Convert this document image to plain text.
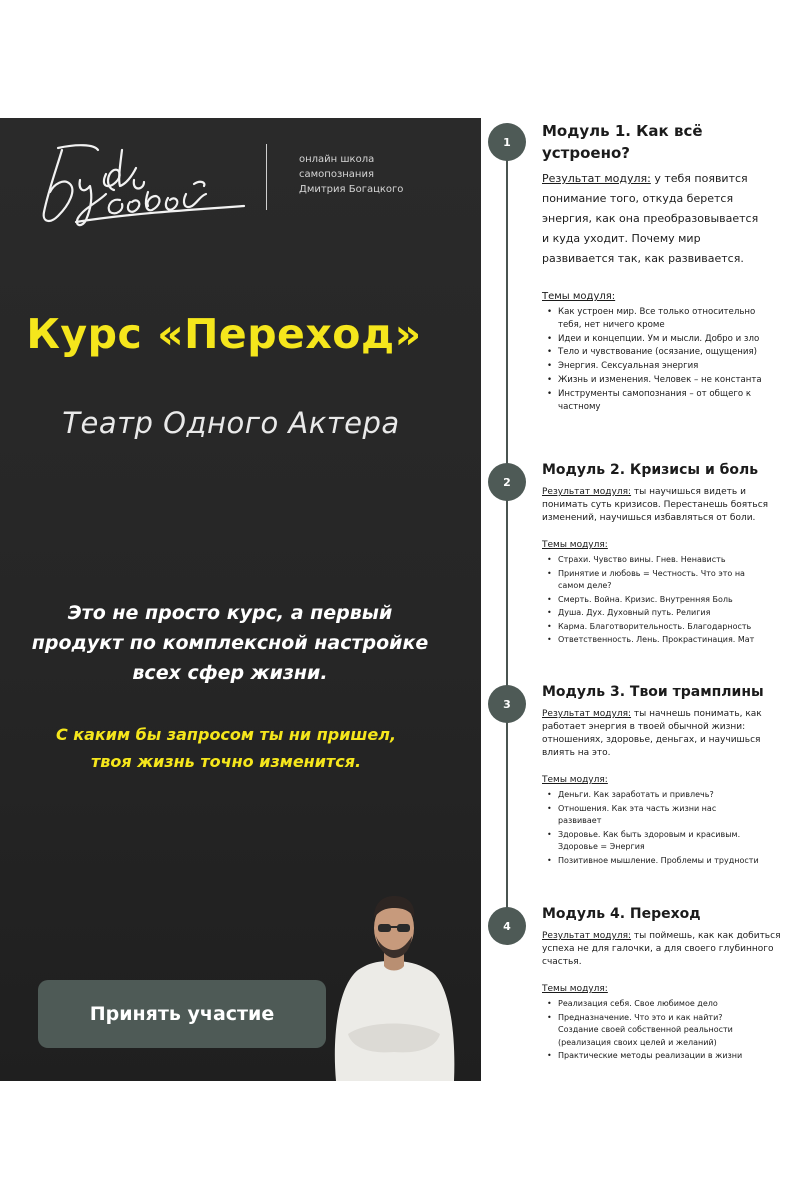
Будь собой
онлайн школа
самопознания
Дмитрия Богацкого
Курс «Переход»
Театр Одного Актера
Это не просто курс, а первый
продукт по комплексной настройке
всех сфер жизни.
С каким бы запросом ты ни пришел,
твоя жизнь точно изменится.
Принять участие
1
2
3
4
Модуль 1. Как всё
устроено?
Результат модуля: у тебя появится
понимание того, откуда берется
энергия, как она преобразовывается
и куда уходит. Почему мир
развивается так, как развивается.
Темы модуля:
• Как устроен мир. Все только относительно
тебя, нет ничего кроме
• Идеи и концепции. Ум и мысли. Добро и зло
• Тело и чувствование (осязание, ощущения)
• Энергия. Сексуальная энергия
• Жизнь и изменения. Человек – не константа
• Инструменты самопознания – от общего к
частному
Модуль 2. Кризисы и боль
Результат модуля: ты научишься видеть и
понимать суть кризисов. Перестанешь бояться
изменений, научишься избавляться от боли.
Темы модуля:
• Страхи. Чувство вины. Гнев. Ненависть
• Принятие и любовь = Честность. Что это на
самом деле?
• Смерть. Война. Кризис. Внутренняя Боль
• Душа. Дух. Духовный путь. Религия
• Карма. Благотворительность. Благодарность
• Ответственность. Лень. Прокрастинация. Мат
Модуль 3. Твои трамплины
Результат модуля: ты начнешь понимать, как
работает энергия в твоей обычной жизни:
отношениях, здоровье, деньгах, и научишься
влиять на это.
Темы модуля:
• Деньги. Как заработать и привлечь?
• Отношения. Как эта часть жизни нас
развивает
• Здоровье. Как быть здоровым и красивым.
Здоровье = Энергия
• Позитивное мышление. Проблемы и трудности
Модуль 4. Переход
Результат модуля: ты поймешь, как как добиться
успеха не для галочки, а для своего глубинного
счастья.
Темы модуля:
• Реализация себя. Свое любимое дело
• Предназначение. Что это и как найти?
Создание своей собственной реальности
(реализация своих целей и желаний)
• Практические методы реализации в жизни
